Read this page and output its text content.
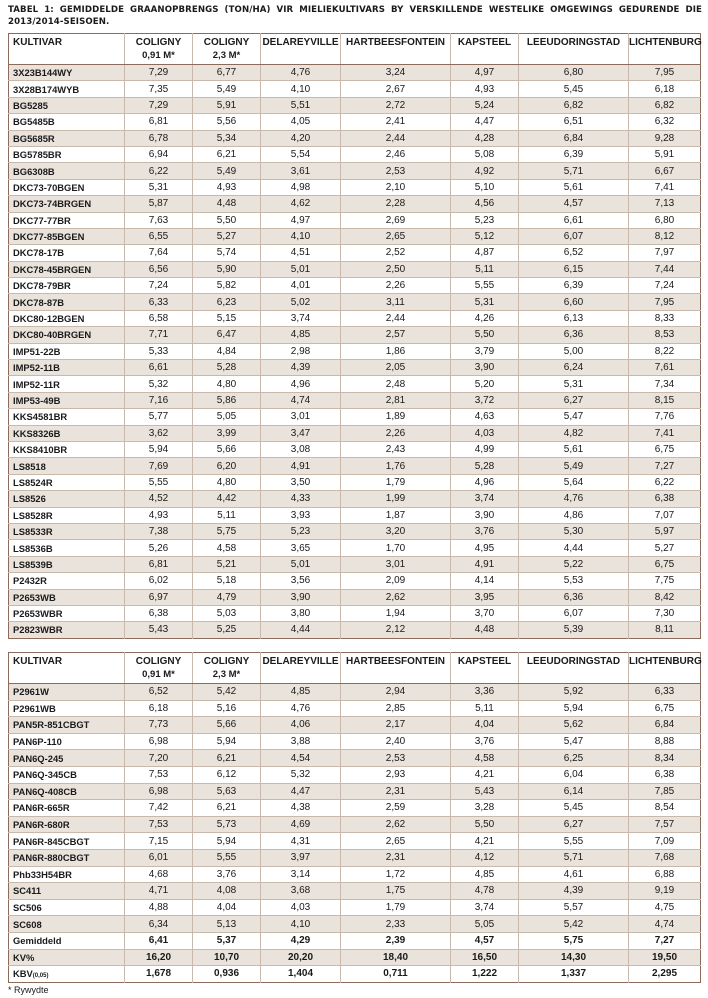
TABEL 1: GEMIDDELDE GRAANOPBRENGS (TON/HA) VIR MIELIEKULTIVARS BY VERSKILLENDE WESTELIKE OMGEWINGS GEDURENDE DIE 2013/2014-SEISOEN.
KULTIVAR	COLIGNY	COLIGNY	DELAREYVILLE	HARTBEESFONTEIN	KAPSTEEL	LEEUDORINGSTAD	LICHTENBURG
	0,91 M*	2,3 M*					
3X23B144WY	7,29	6,77	4,76	3,24	4,97	6,80	7,95
3X28B174WYB	7,35	5,49	4,10	2,67	4,93	5,45	6,18
BG5285	7,29	5,91	5,51	2,72	5,24	6,82	6,82
BG5485B	6,81	5,56	4,05	2,41	4,47	6,51	6,32
BG5685R	6,78	5,34	4,20	2,44	4,28	6,84	9,28
BG5785BR	6,94	6,21	5,54	2,46	5,08	6,39	5,91
BG6308B	6,22	5,49	3,61	2,53	4,92	5,71	6,67
DKC73-70BGEN	5,31	4,93	4,98	2,10	5,10	5,61	7,41
DKC73-74BRGEN	5,87	4,48	4,62	2,28	4,56	4,57	7,13
DKC77-77BR	7,63	5,50	4,97	2,69	5,23	6,61	6,80
DKC77-85BGEN	6,55	5,27	4,10	2,65	5,12	6,07	8,12
DKC78-17B	7,64	5,74	4,51	2,52	4,87	6,52	7,97
DKC78-45BRGEN	6,56	5,90	5,01	2,50	5,11	6,15	7,44
DKC78-79BR	7,24	5,82	4,01	2,26	5,55	6,39	7,24
DKC78-87B	6,33	6,23	5,02	3,11	5,31	6,60	7,95
DKC80-12BGEN	6,58	5,15	3,74	2,44	4,26	6,13	8,33
DKC80-40BRGEN	7,71	6,47	4,85	2,57	5,50	6,36	8,53
IMP51-22B	5,33	4,84	2,98	1,86	3,79	5,00	8,22
IMP52-11B	6,61	5,28	4,39	2,05	3,90	6,24	7,61
IMP52-11R	5,32	4,80	4,96	2,48	5,20	5,31	7,34
IMP53-49B	7,16	5,86	4,74	2,81	3,72	6,27	8,15
KKS4581BR	5,77	5,05	3,01	1,89	4,63	5,47	7,76
KKS8326B	3,62	3,99	3,47	2,26	4,03	4,82	7,41
KKS8410BR	5,94	5,66	3,08	2,43	4,99	5,61	6,75
LS8518	7,69	6,20	4,91	1,76	5,28	5,49	7,27
LS8524R	5,55	4,80	3,50	1,79	4,96	5,64	6,22
LS8526	4,52	4,42	4,33	1,99	3,74	4,76	6,38
LS8528R	4,93	5,11	3,93	1,87	3,90	4,86	7,07
LS8533R	7,38	5,75	5,23	3,20	3,76	5,30	5,97
LS8536B	5,26	4,58	3,65	1,70	4,95	4,44	5,27
LS8539B	6,81	5,21	5,01	3,01	4,91	5,22	6,75
P2432R	6,02	5,18	3,56	2,09	4,14	5,53	7,75
P2653WB	6,97	4,79	3,90	2,62	3,95	6,36	8,42
P2653WBR	6,38	5,03	3,80	1,94	3,70	6,07	7,30
P2823WBR	5,43	5,25	4,44	2,12	4,48	5,39	8,11
KULTIVAR	COLIGNY	COLIGNY	DELAREYVILLE	HARTBEESFONTEIN	KAPSTEEL	LEEUDORINGSTAD	LICHTENBURG
	0,91 M*	2,3 M*					
P2961W	6,52	5,42	4,85	2,94	3,36	5,92	6,33
P2961WB	6,18	5,16	4,76	2,85	5,11	5,94	6,75
PAN5R-851CBGT	7,73	5,66	4,06	2,17	4,04	5,62	6,84
PAN6P-110	6,98	5,94	3,88	2,40	3,76	5,47	8,88
PAN6Q-245	7,20	6,21	4,54	2,53	4,58	6,25	8,34
PAN6Q-345CB	7,53	6,12	5,32	2,93	4,21	6,04	6,38
PAN6Q-408CB	6,98	5,63	4,47	2,31	5,43	6,14	7,85
PAN6R-665R	7,42	6,21	4,38	2,59	3,28	5,45	8,54
PAN6R-680R	7,53	5,73	4,69	2,62	5,50	6,27	7,57
PAN6R-845CBGT	7,15	5,94	4,31	2,65	4,21	5,55	7,09
PAN6R-880CBGT	6,01	5,55	3,97	2,31	4,12	5,71	7,68
Phb33H54BR	4,68	3,76	3,14	1,72	4,85	4,61	6,88
SC411	4,71	4,08	3,68	1,75	4,78	4,39	9,19
SC506	4,88	4,04	4,03	1,79	3,74	5,57	4,75
SC608	6,34	5,13	4,10	2,33	5,05	5,42	4,74
Gemiddeld	6,41	5,37	4,29	2,39	4,57	5,75	7,27
KV%	16,20	10,70	20,20	18,40	16,50	14,30	19,50
KBV(0,05)	1,678	0,936	1,404	0,711	1,222	1,337	2,295
* Rywydte
